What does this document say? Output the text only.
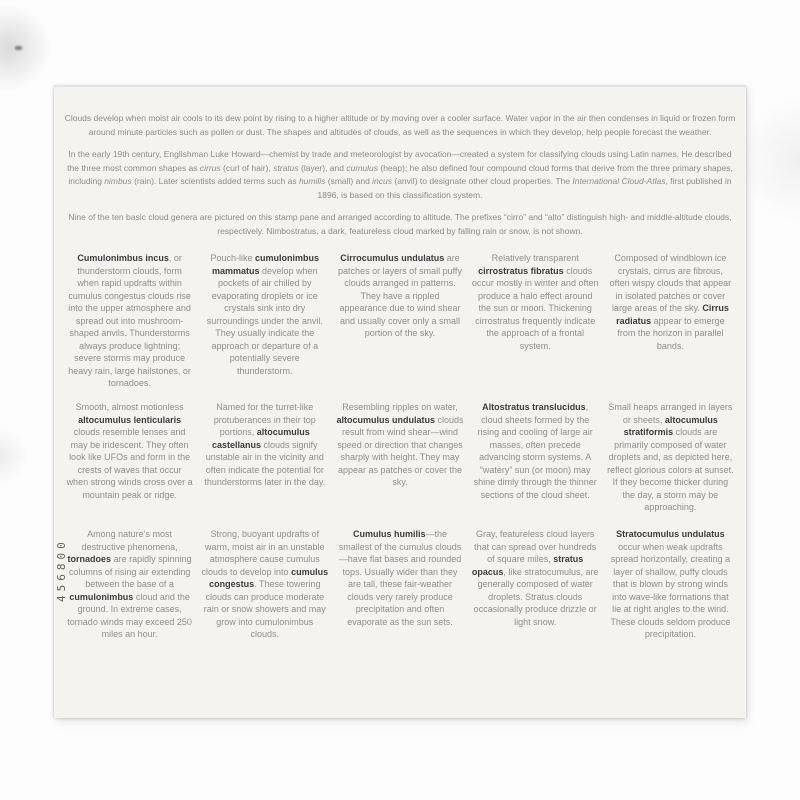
Clouds develop when moist air cools to its dew point by rising to a higher altitude or by moving over a cooler surface. Water vapor in the air then condenses in liquid or frozen form around minute particles such as pollen or dust. The shapes and altitudes of clouds, as well as the sequences in which they develop, help people forecast the weather.

In the early 19th century, Englishman Luke Howard—chemist by trade and meteorologist by avocation—created a system for classifying clouds using Latin names. He described the three most common shapes as cirrus (curl of hair), stratus (layer), and cumulus (heap); he also defined four compound cloud forms that derive from the three primary shapes, including nimbus (rain). Later scientists added terms such as humilis (small) and incus (anvil) to designate other cloud properties. The International Cloud-Atlas, first published in 1896, is based on this classification system.

Nine of the ten basic cloud genera are pictured on this stamp pane and arranged according to altitude. The prefixes “cirro” and “alto” distinguish high- and middle-altitude clouds, respectively. Nimbostratus, a dark, featureless cloud marked by falling rain or snow, is not shown.

Cumulonimbus incus, or thunderstorm clouds, form when rapid updrafts within cumulus congestus clouds rise into the upper atmosphere and spread out into mushroom-shaped anvils. Thunderstorms always produce lightning; severe storms may produce heavy rain, large hailstones, or tornadoes.
Pouch-like cumulonimbus mammatus develop when pockets of air chilled by evaporating droplets or ice crystals sink into dry surroundings under the anvil. They usually indicate the approach or departure of a potentially severe thunderstorm.
Cirrocumulus undulatus are patches or layers of small puffy clouds arranged in patterns. They have a rippled appearance due to wind shear and usually cover only a small portion of the sky.
Relatively transparent cirrostratus fibratus clouds occur mostly in winter and often produce a halo effect around the sun or moon. Thickening cirrostratus frequently indicate the approach of a frontal system.
Composed of windblown ice crystals, cirrus are fibrous, often wispy clouds that appear in isolated patches or cover large areas of the sky. Cirrus radiatus appear to emerge from the horizon in parallel bands.
Smooth, almost motionless altocumulus lenticularis clouds resemble lenses and may be iridescent. They often look like UFOs and form in the crests of waves that occur when strong winds cross over a mountain peak or ridge.
Named for the turret-like protuberances in their top portions, altocumulus castellanus clouds signify unstable air in the vicinity and often indicate the potential for thunderstorms later in the day.
Resembling ripples on water, altocumulus undulatus clouds result from wind shear—wind speed or direction that changes sharply with height. They may appear as patches or cover the sky.
Altostratus translucidus, cloud sheets formed by the rising and cooling of large air masses, often precede advancing storm systems. A “watery” sun (or moon) may shine dimly through the thinner sections of the cloud sheet.
Small heaps arranged in layers or sheets, altocumulus stratiformis clouds are primarily composed of water droplets and, as depicted here, reflect glorious colors at sunset. If they become thicker during the day, a storm may be approaching.
Among nature’s most destructive phenomena, tornadoes are rapidly spinning columns of rising air extending between the base of a cumulonimbus cloud and the ground. In extreme cases, tornado winds may exceed 250 miles an hour.
Strong, buoyant updrafts of warm, moist air in an unstable atmosphere cause cumulus clouds to develop into cumulus congestus. These towering clouds can produce moderate rain or snow showers and may grow into cumulonimbus clouds.
Cumulus humilis—the smallest of the cumulus clouds—have flat bases and rounded tops. Usually wider than they are tall, these fair-weather clouds very rarely produce precipitation and often evaporate as the sun sets.
Gray, featureless cloud layers that can spread over hundreds of square miles, stratus opacus, like stratocumulus, are generally composed of water droplets. Stratus clouds occasionally produce drizzle or light snow.
Stratocumulus undulatus occur when weak updrafts spread horizontally, creating a layer of shallow, puffy clouds that is blown by strong winds into wave-like formations that lie at right angles to the wind. These clouds seldom produce precipitation.
456800
